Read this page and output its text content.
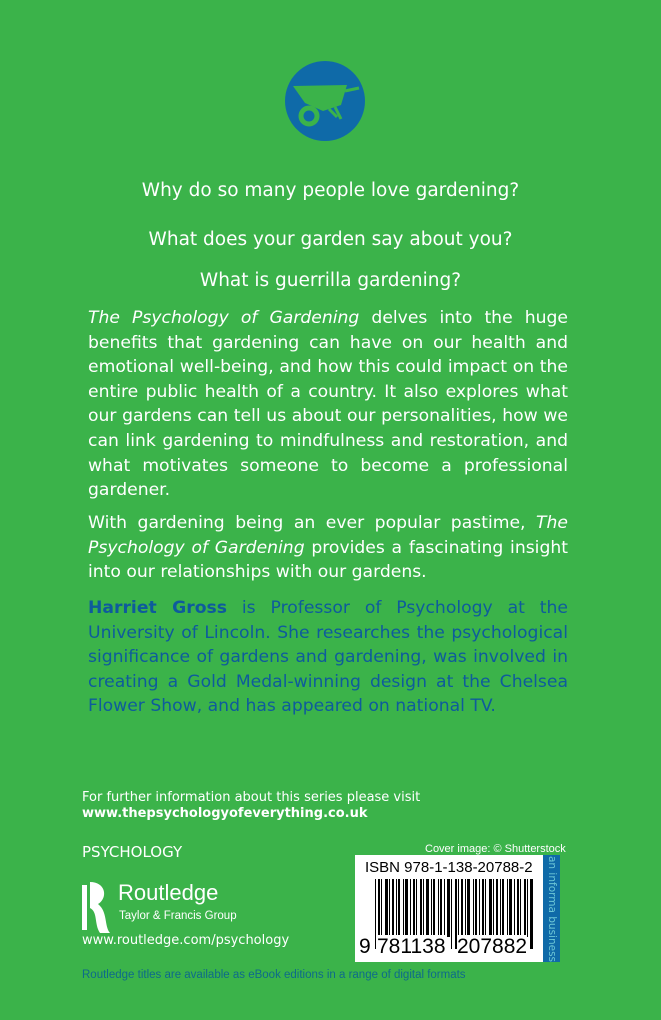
Why do so many people love gardening?
What does your garden say about you?
What is guerrilla gardening?

The Psychology of Gardening delves into the huge benefits that gardening can have on our health and emotional well-being, and how this could impact on the entire public health of a country. It also explores what our gardens can tell us about our personalities, how we can link gardening to mindfulness and restoration, and what motivates someone to become a professional gardener.

With gardening being an ever popular pastime, The Psychology of Gardening provides a fascinating insight into our relationships with our gardens.

Harriet Gross is Professor of Psychology at the University of Lincoln. She researches the psychological significance of gardens and gardening, was involved in creating a Gold Medal-winning design at the Chelsea Flower Show, and has appeared on national TV.

For further information about this series please visit
www.thepsychologyofeverything.co.uk
PSYCHOLOGY	Cover image: © Shutterstock
Routledge
Taylor & Francis Group
www.routledge.com/psychology
ISBN 978-1-138-20788-2
9 781138 207882 an informa business
Routledge titles are available as eBook editions in a range of digital formats
